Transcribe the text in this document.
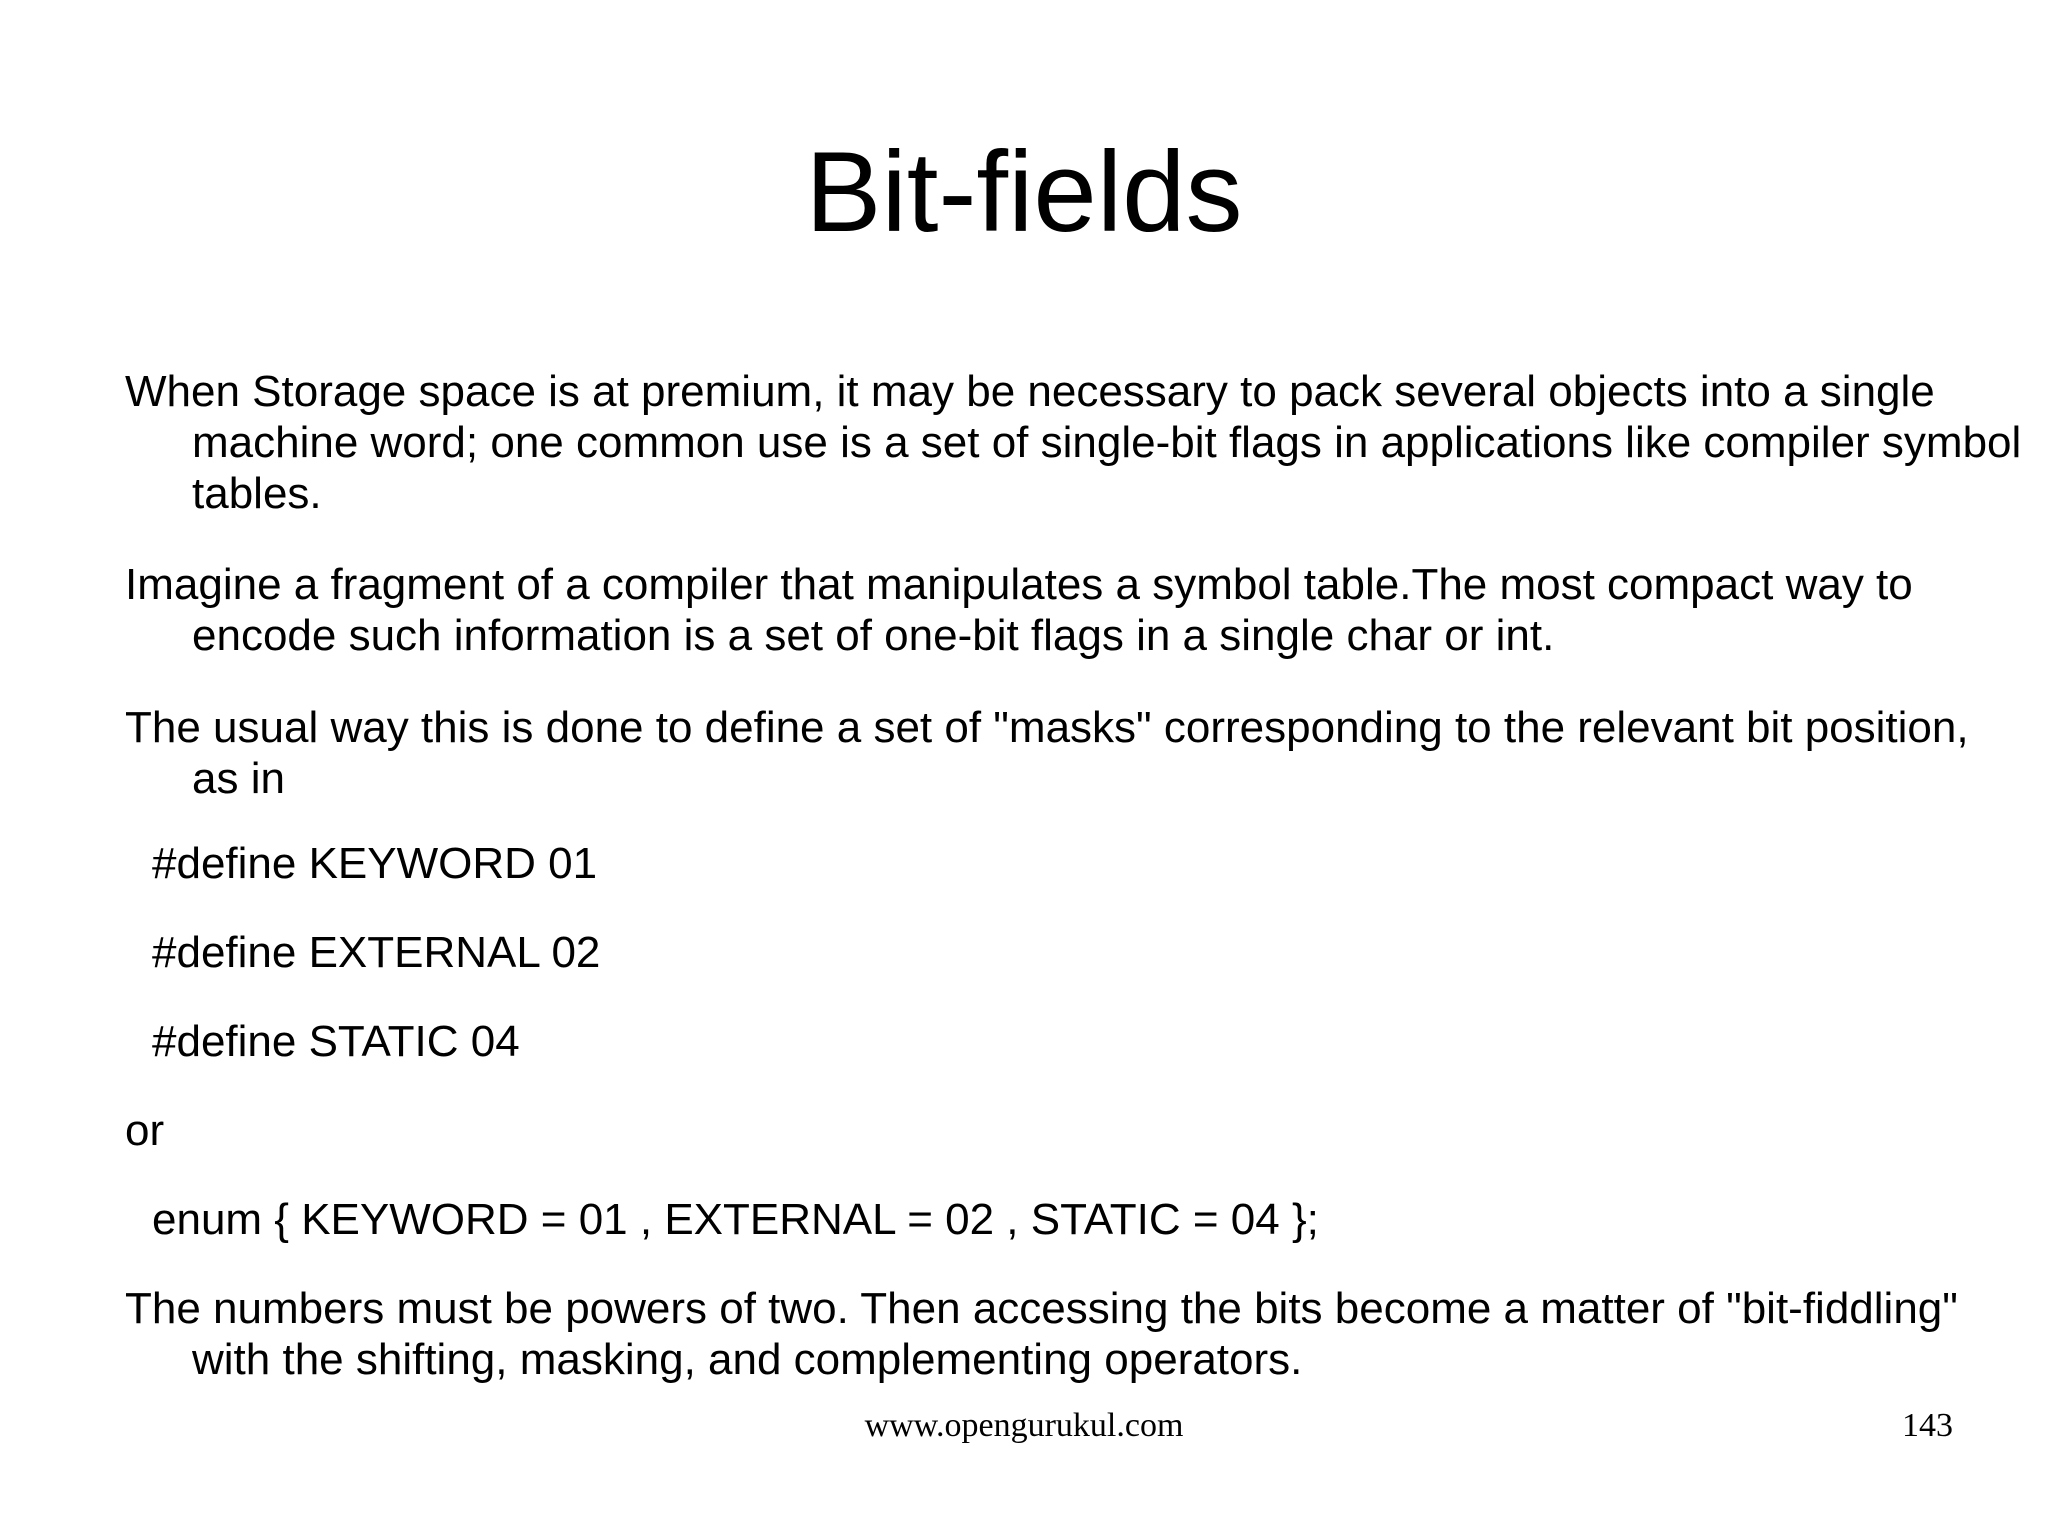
Bit-fields

When Storage space is at premium, it may be necessary to pack several objects into a single machine word; one common use is a set of single-bit flags in applications like compiler symbol tables.

Imagine a fragment of a compiler that manipulates a symbol table.The most compact way to encode such information is a set of one-bit flags in a single char or int.

The usual way this is done to define a set of "masks" corresponding to the relevant bit position, as in

#define KEYWORD 01

#define EXTERNAL 02

#define STATIC 04

or

enum { KEYWORD = 01 , EXTERNAL = 02 , STATIC = 04 };

The numbers must be powers of two. Then accessing the bits become a matter of "bit-fiddling" with the shifting, masking, and complementing operators.

www.opengurukul.com	143
